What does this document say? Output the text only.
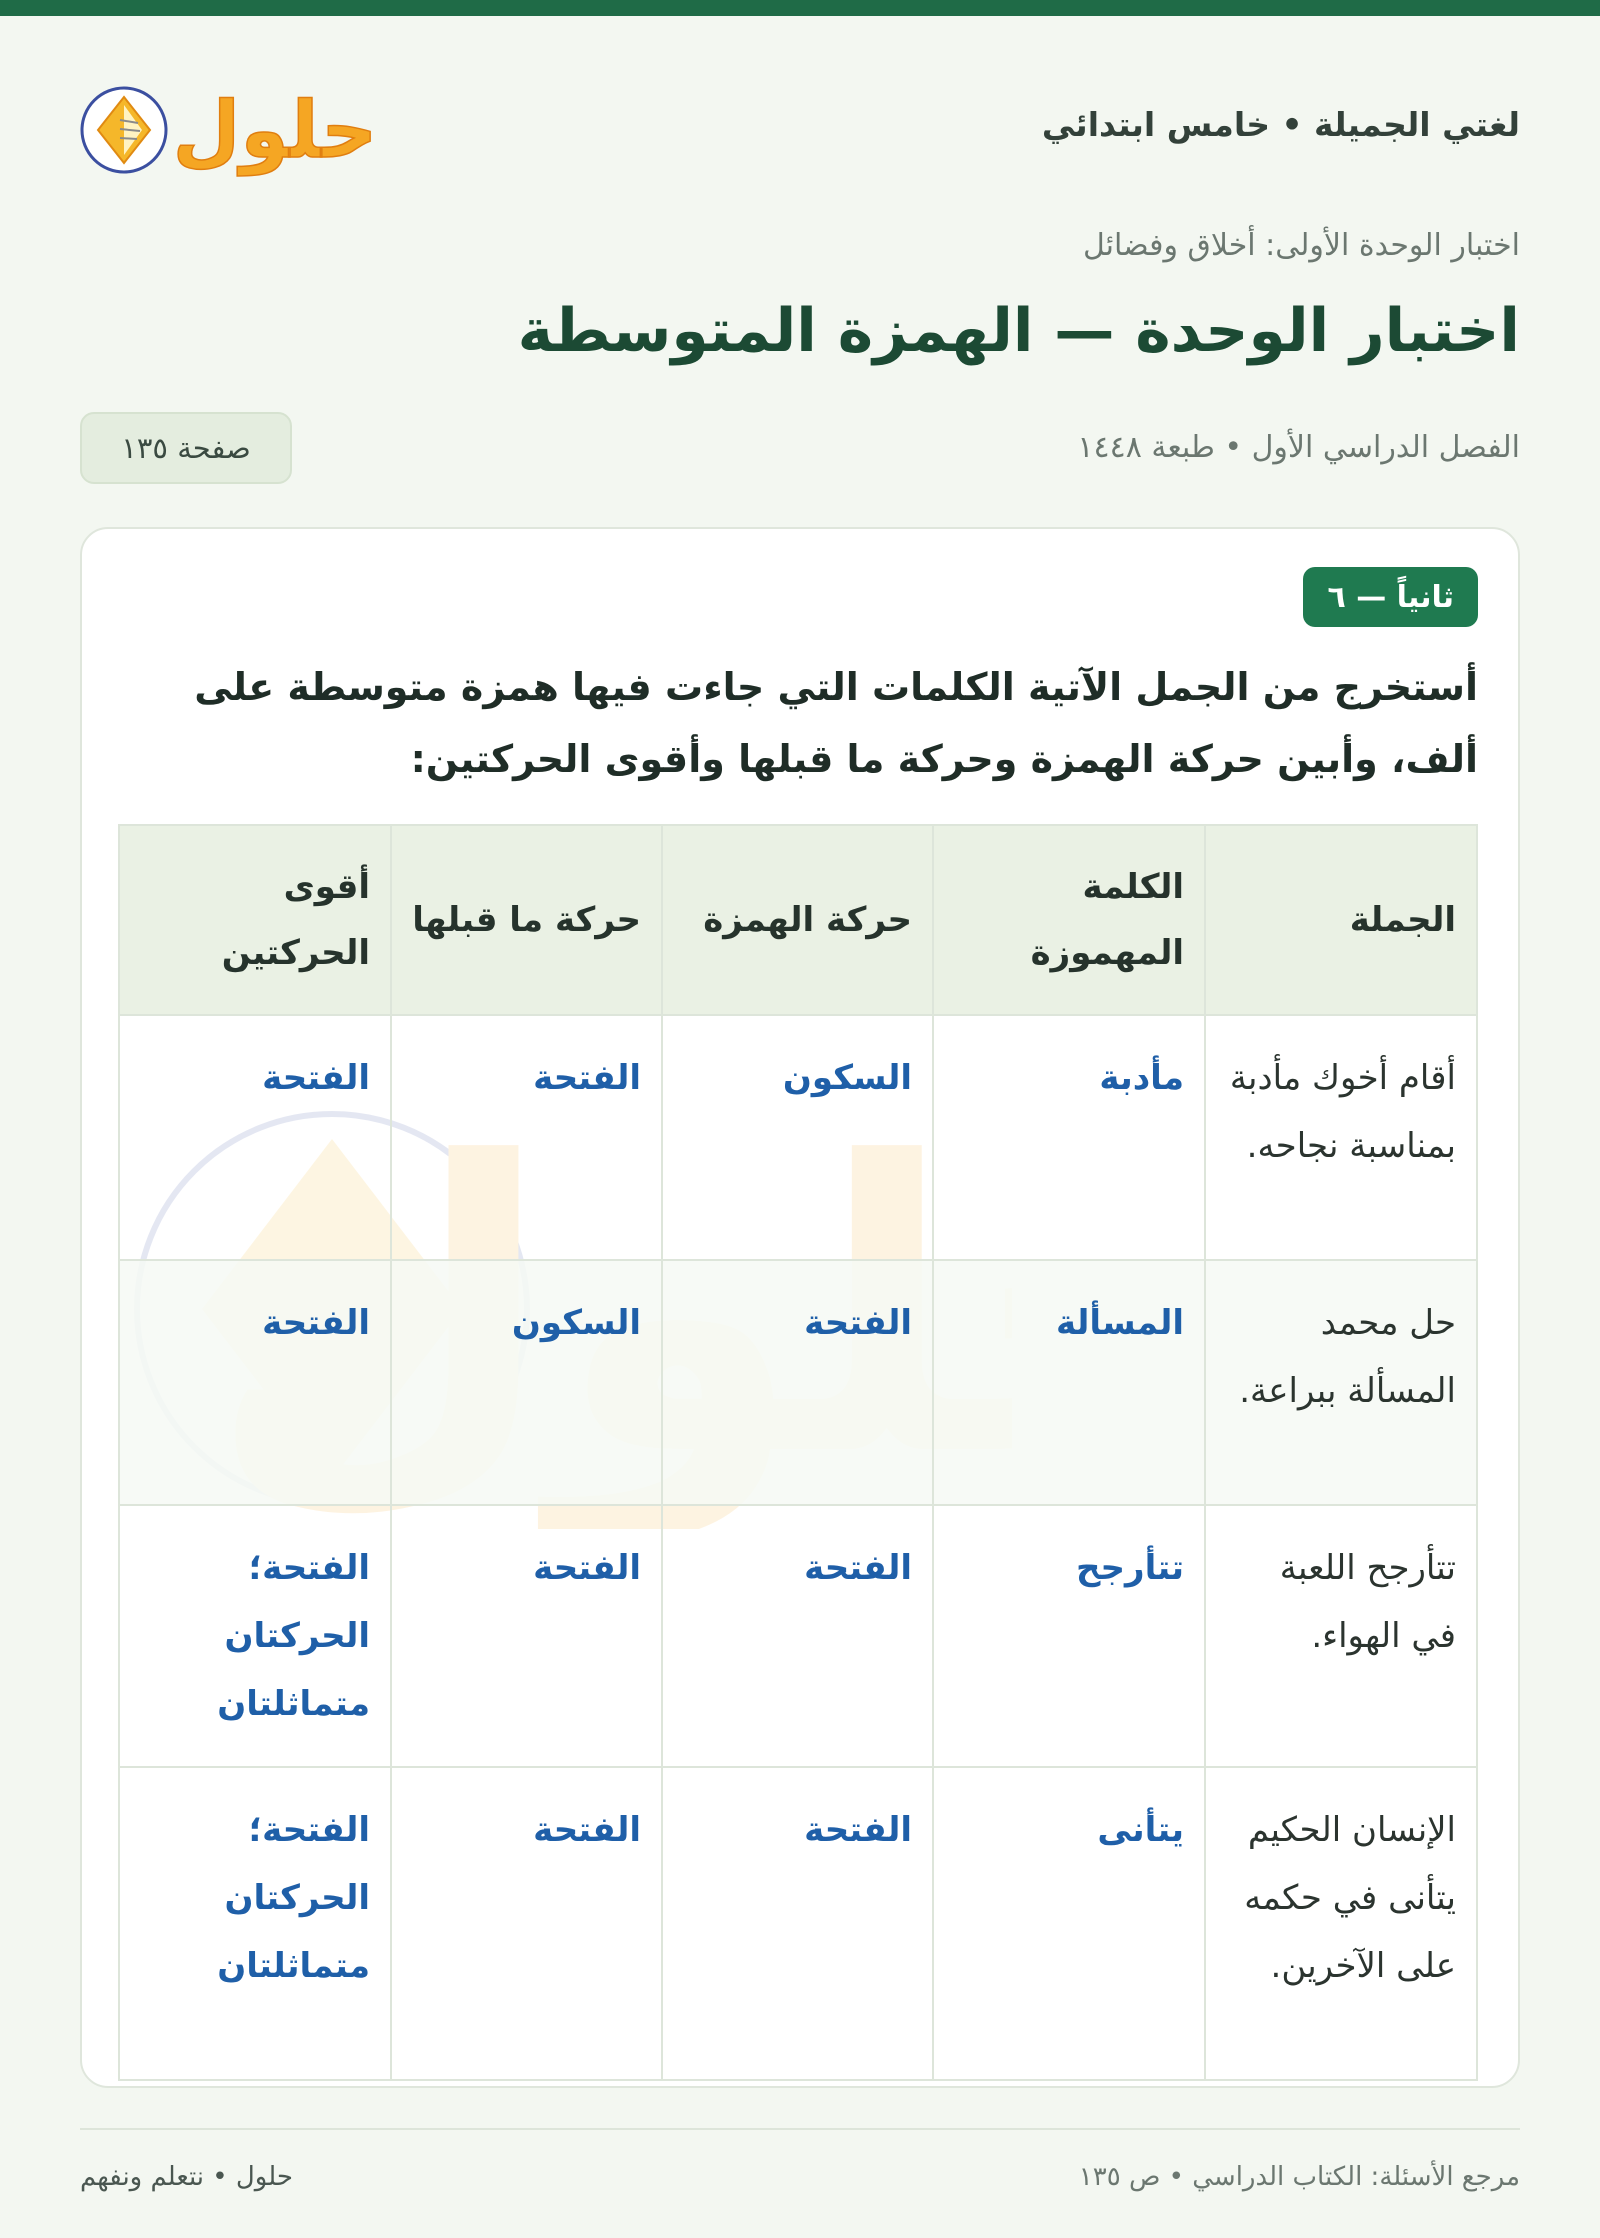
لغتي الجميلة • خامس ابتدائي
حلول
اختبار الوحدة الأولى: أخلاق وفضائل
اختبار الوحدة — الهمزة المتوسطة
الفصل الدراسي الأول • طبعة ١٤٤٨
صفحة ١٣٥
ثانياً — ٦
أستخرج من الجمل الآتية الكلمات التي جاءت فيها همزة متوسطة على ألف، وأبين حركة الهمزة وحركة ما قبلها وأقوى الحركتين:
الجملة	الكلمة المهموزة	حركة الهمزة	حركة ما قبلها	أقوى الحركتين
أقام أخوك مأدبة بمناسبة نجاحه.	مأدبة	السكون	الفتحة	الفتحة
حل محمد المسألة ببراعة.	المسألة	الفتحة	السكون	الفتحة
تتأرجح اللعبة في الهواء.	تتأرجح	الفتحة	الفتحة	الفتحة؛ الحركتان متماثلتان
الإنسان الحكيم يتأنى في حكمه على الآخرين.	يتأنى	الفتحة	الفتحة	الفتحة؛ الحركتان متماثلتان
مرجع الأسئلة: الكتاب الدراسي • ص ١٣٥
حلول • نتعلم ونفهم
